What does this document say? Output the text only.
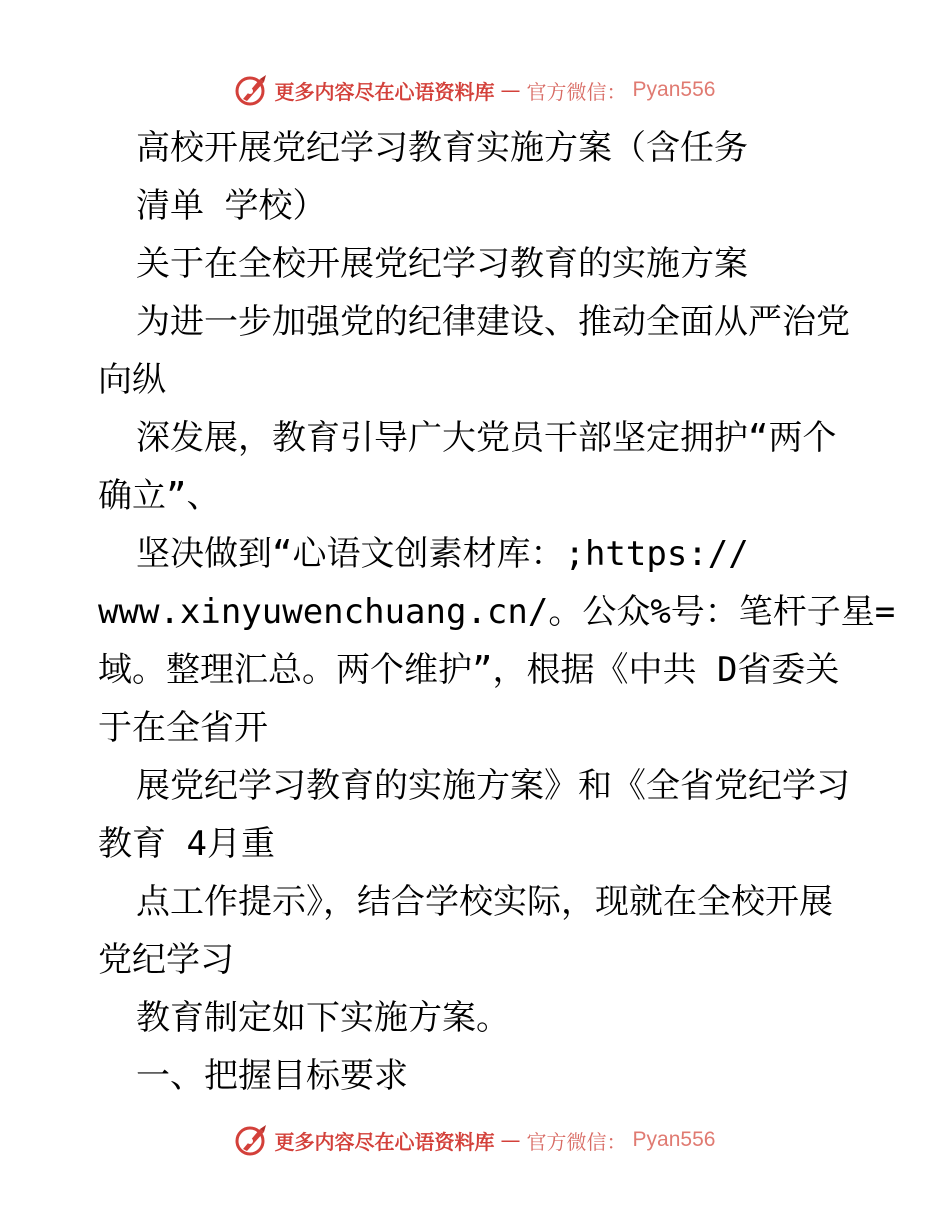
更多内容尽在心语资料库 — 官方微信： Pyan556
高校开展党纪学习教育实施方案（含任务
清单 学校）
关于在全校开展党纪学习教育的实施方案
为进一步加强党的纪律建设、推动全面从严治党
向纵
深发展，教育引导广大党员干部坚定拥护“两个
确立”、
坚决做到“心语文创素材库：;https://
www.xinyuwenchuang.cn/。公众%号：笔杆子星=
域。整理汇总。两个维护”，根据《中共 D省委关
于在全省开
展党纪学习教育的实施方案》和《全省党纪学习
教育 4月重
点工作提示》，结合学校实际，现就在全校开展
党纪学习
教育制定如下实施方案。
一、把握目标要求
更多内容尽在心语资料库 — 官方微信： Pyan556
